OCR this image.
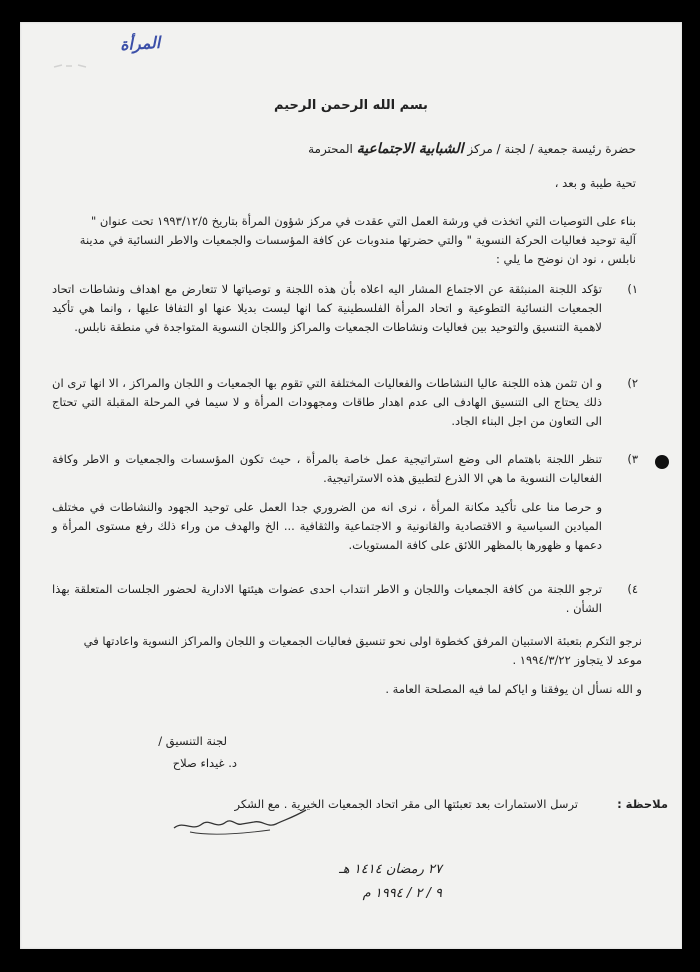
المرأة
بسم الله الرحمن الرحيم
حضرة رئيسة جمعية / لجنة / مركز الشبابية الاجتماعية المحترمة
تحية طيبة و بعد ،
بناء على التوصيات التي اتخذت في ورشة العمل التي عقدت في مركز شؤون المرأة بتاريخ ١٩٩٣/١٢/٥ تحت عنوان " آلية توحيد فعاليات الحركة النسوية " والتي حضرتها مندوبات عن كافة المؤسسات والجمعيات والاطر النسائية في مدينة نابلس ، نود ان نوضح ما يلي :
١)

تؤكد اللجنة المنبثقة عن الاجتماع المشار اليه اعلاه بأن هذه اللجنة و توصياتها لا تتعارض مع اهداف ونشاطات اتحاد الجمعيات النسائية التطوعية و اتحاد المرأة الفلسطينية كما انها ليست بديلا عنها او التفافا عليها ، وانما هي تأكيد لاهمية التنسيق والتوحيد بين فعاليات ونشاطات الجمعيات والمراكز واللجان النسوية المتواجدة في منطقة نابلس.

٢)

و ان تثمن هذه اللجنة عاليا النشاطات والفعاليات المختلفة التي تقوم بها الجمعيات و اللجان والمراكز ، الا انها ترى ان ذلك يحتاج الى التنسيق الهادف الى عدم اهدار طاقات ومجهودات المرأة و لا سيما في المرحلة المقبلة التي تحتاج الى التعاون من اجل البناء الجاد.

٣)

تنظر اللجنة باهتمام الى وضع استراتيجية عمل خاصة بالمرأة ، حيث تكون المؤسسات والجمعيات و الاطر وكافة الفعاليات النسوية ما هي الا الذرع لتطبيق هذه الاستراتيجية.

و حرصا منا على تأكيد مكانة المرأة ، نرى انه من الضروري جدا العمل على توحيد الجهود والنشاطات في مختلف الميادين السياسية و الاقتصادية والقانونية و الاجتماعية والثقافية ... الخ والهدف من وراء ذلك رفع مستوى المرأة و دعمها و ظهورها بالمظهر اللائق على كافة المستويات.

٤)

ترجو اللجنة من كافة الجمعيات واللجان و الاطر انتداب احدى عضوات هيئتها الادارية لحضور الجلسات المتعلقة بهذا الشأن .

نرجو التكرم بتعبئة الاستبيان المرفق كخطوة اولى نحو تنسيق فعاليات الجمعيات و اللجان والمراكز النسوية واعادتها في موعد لا يتجاوز ١٩٩٤/٣/٢٢ .

و الله نسأل ان يوفقنا و اياكم لما فيه المصلحة العامة .

لجنة التنسيق /
د. غيداء صلاح
ملاحظة :
ترسل الاستمارات بعد تعبئتها الى مقر اتحاد الجمعيات الخيرية . مع الشكر
٢٧ رمضان ١٤١٤ هـ
٩ / ٢ / ١٩٩٤ م
